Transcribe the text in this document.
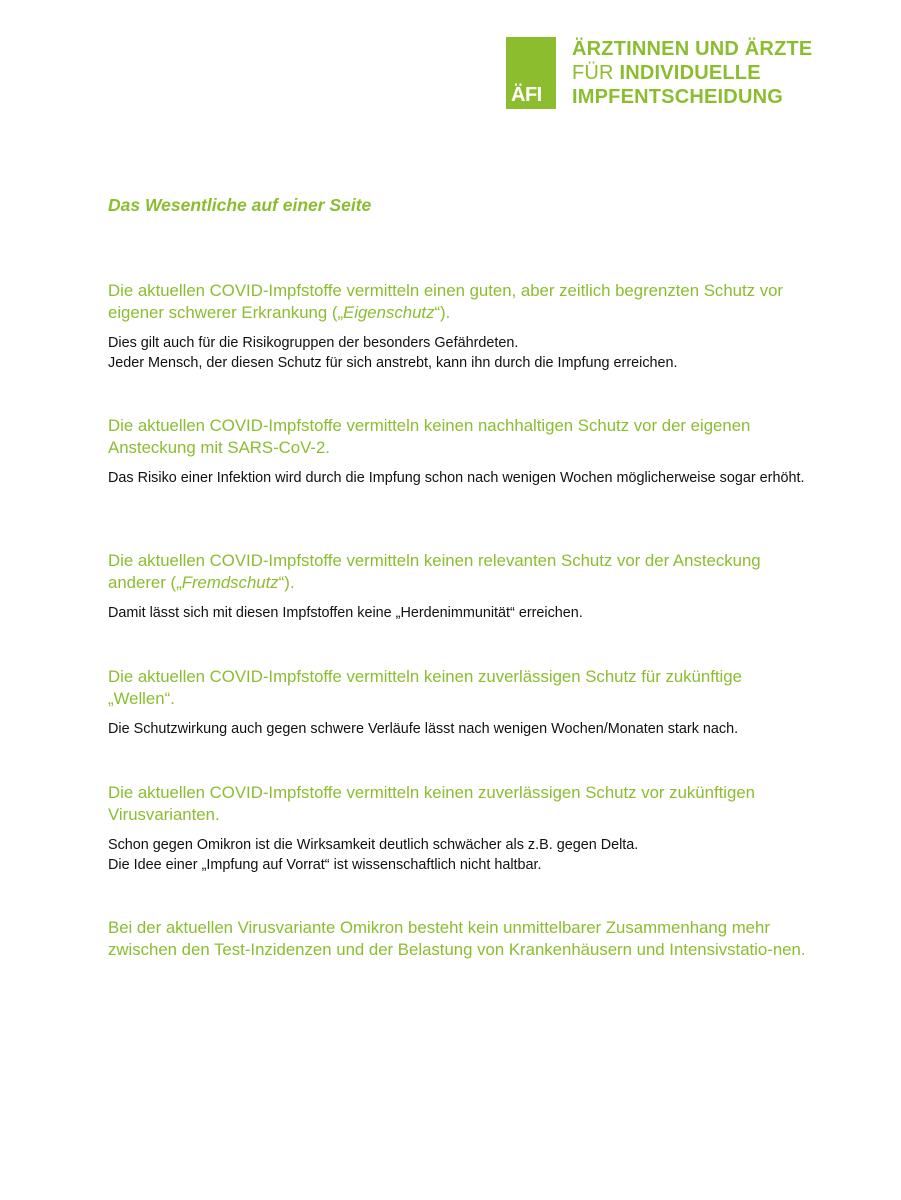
ÄFI
ÄRZTINNEN UND ÄRZTE
FÜR INDIVIDUELLE
IMPFENTSCHEIDUNG
Das Wesentliche auf einer Seite

Die aktuellen COVID-Impfstoffe vermitteln einen guten, aber zeitlich begrenzten Schutz vor eigener schwerer Erkrankung („Eigenschutz“).

Dies gilt auch für die Risikogruppen der besonders Gefährdeten.
Jeder Mensch, der diesen Schutz für sich anstrebt, kann ihn durch die Impfung erreichen.

Die aktuellen COVID-Impfstoffe vermitteln keinen nachhaltigen Schutz vor der eigenen Ansteckung mit SARS-CoV-2.

Das Risiko einer Infektion wird durch die Impfung schon nach wenigen Wochen möglicherweise sogar erhöht.

Die aktuellen COVID-Impfstoffe vermitteln keinen relevanten Schutz vor der Ansteckung anderer („Fremdschutz“).

Damit lässt sich mit diesen Impfstoffen keine „Herdenimmunität“ erreichen.

Die aktuellen COVID-Impfstoffe vermitteln keinen zuverlässigen Schutz für zukünftige „Wellen“.

Die Schutzwirkung auch gegen schwere Verläufe lässt nach wenigen Wochen/Monaten stark nach.

Die aktuellen COVID-Impfstoffe vermitteln keinen zuverlässigen Schutz vor zukünftigen Virusvarianten.

Schon gegen Omikron ist die Wirksamkeit deutlich schwächer als z.B. gegen Delta.
Die Idee einer „Impfung auf Vorrat“ ist wissenschaftlich nicht haltbar.

Bei der aktuellen Virusvariante Omikron besteht kein unmittelbarer Zusammenhang mehr zwischen den Test-Inzidenzen und der Belastung von Krankenhäusern und Intensivstatio-nen.
